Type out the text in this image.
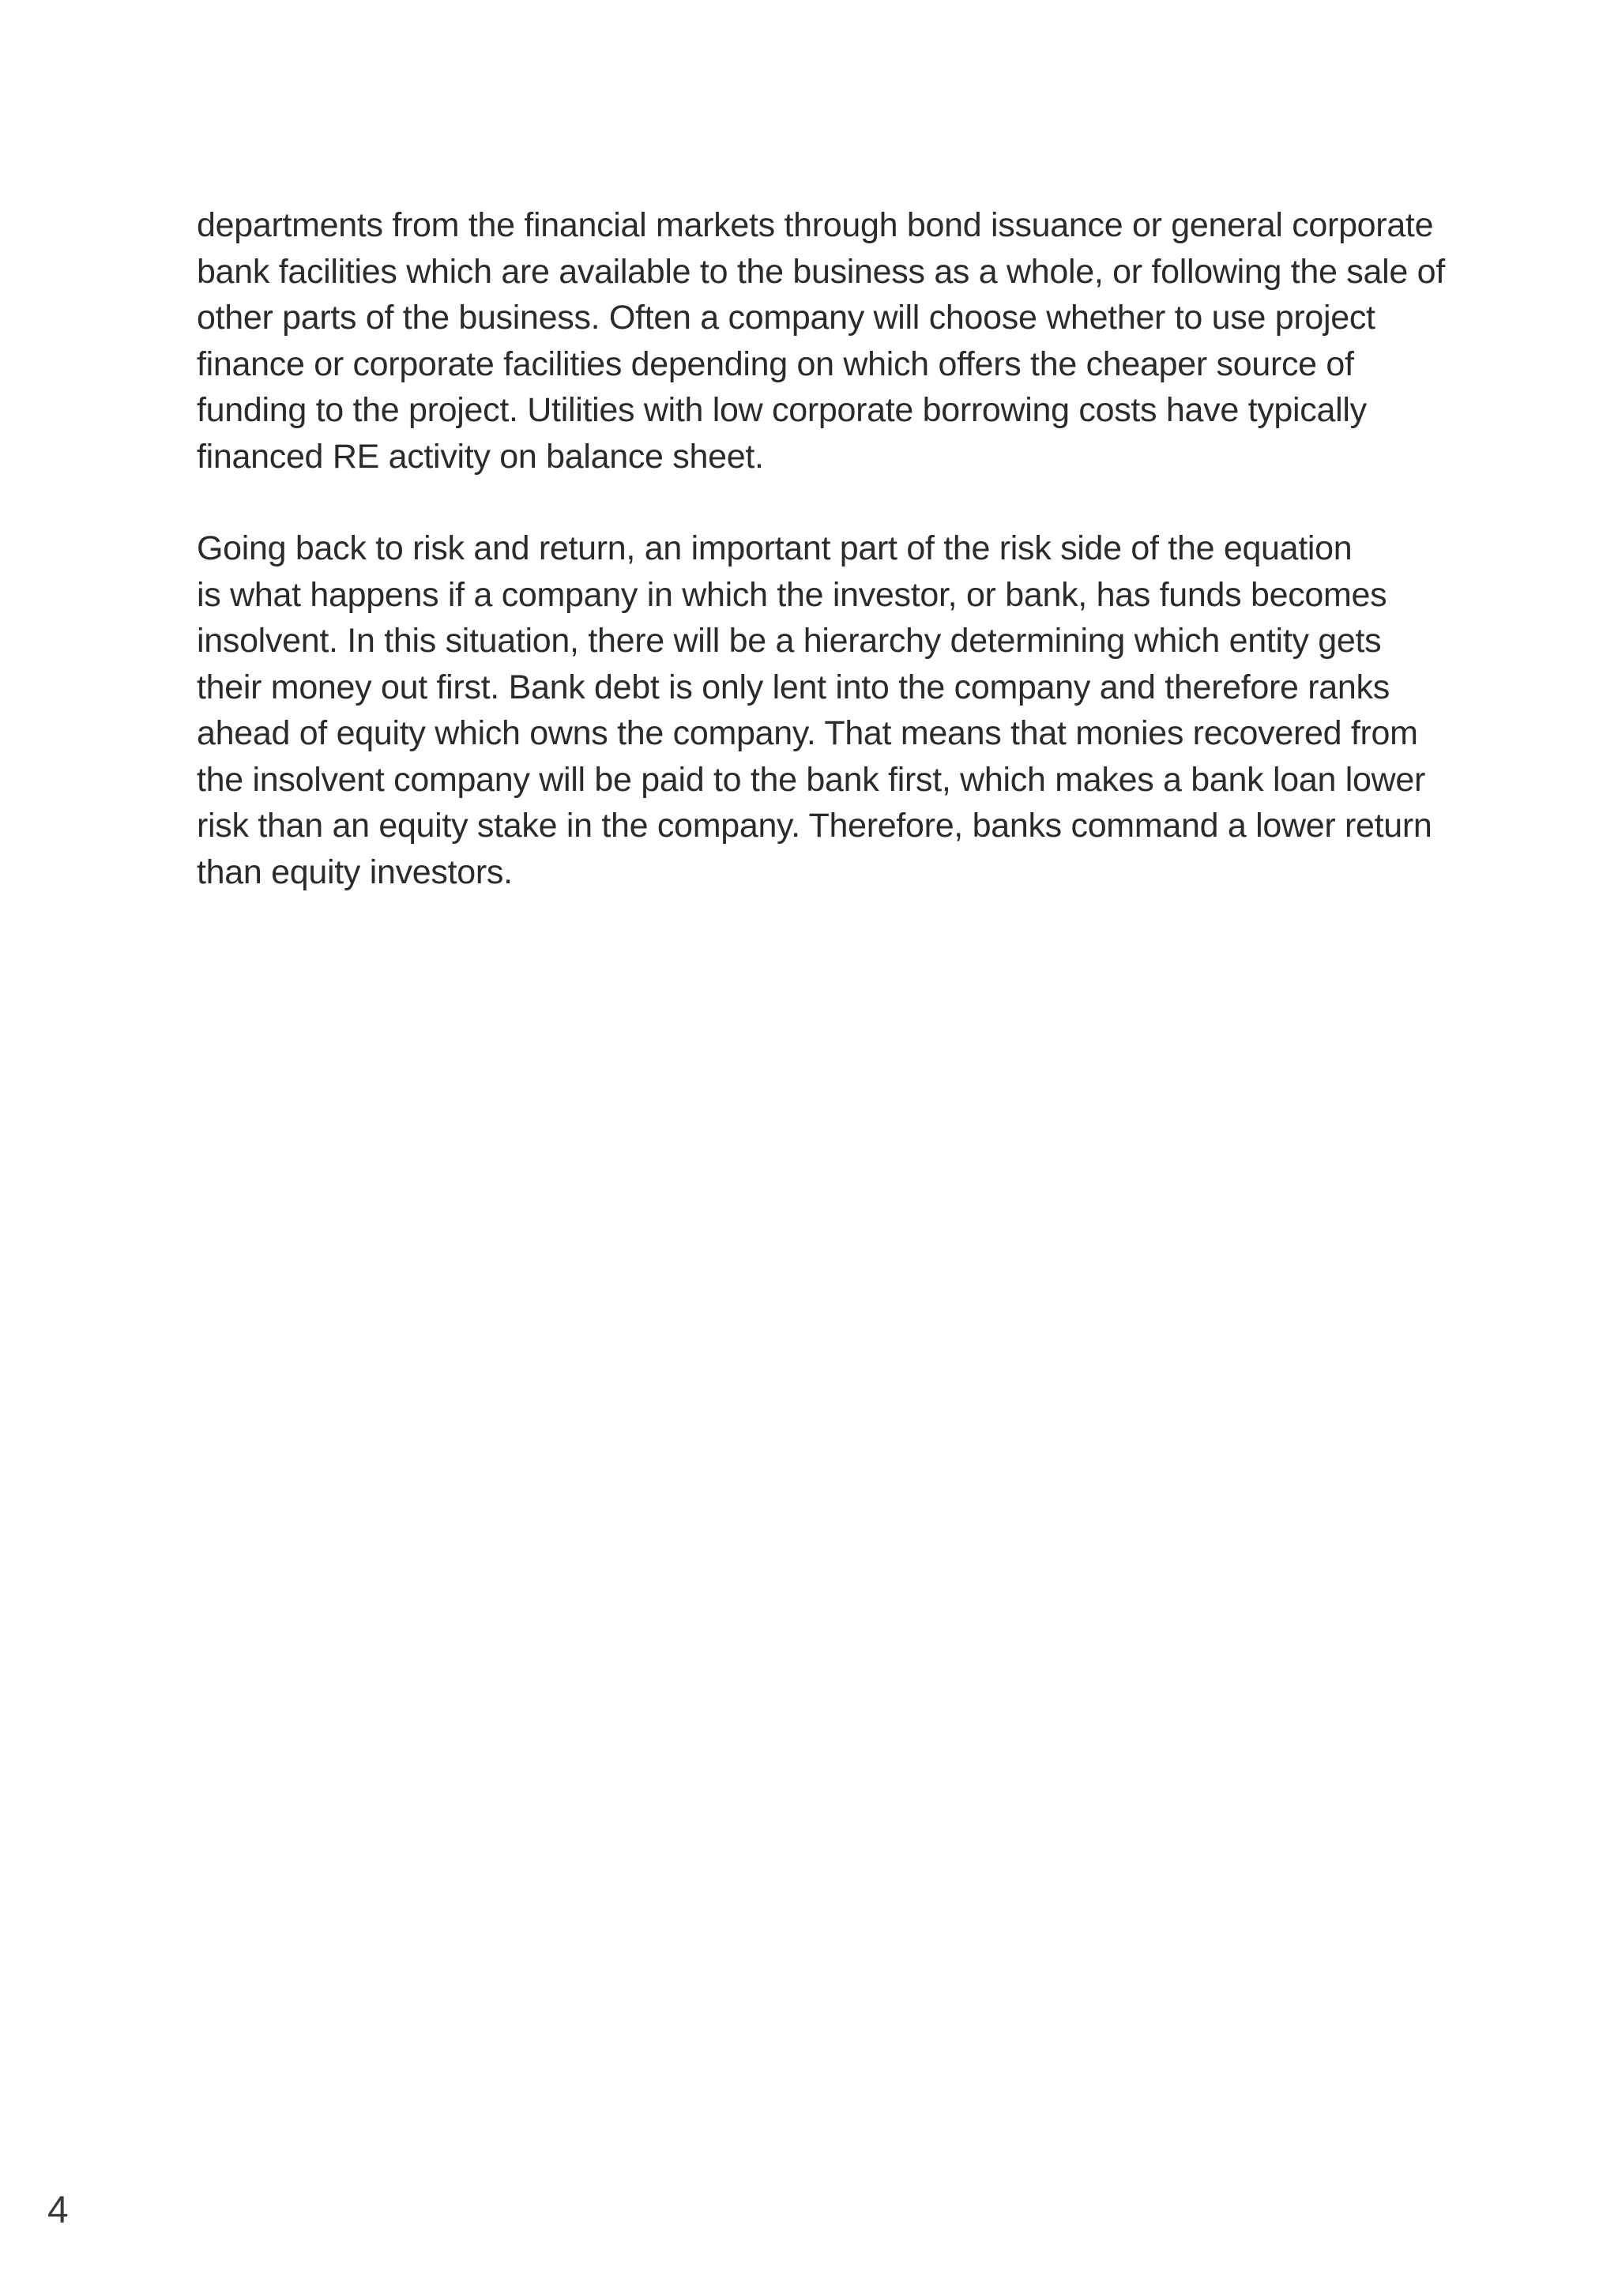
departments from the financial markets through bond issuance or general corporate
bank facilities which are available to the business as a whole, or following the sale of
other parts of the business. Often a company will choose whether to use project
finance or corporate facilities depending on which offers the cheaper source of
funding to the project. Utilities with low corporate borrowing costs have typically
financed RE activity on balance sheet.

Going back to risk and return, an important part of the risk side of the equation
is what happens if a company in which the investor, or bank, has funds becomes
insolvent. In this situation, there will be a hierarchy determining which entity gets
their money out first. Bank debt is only lent into the company and therefore ranks
ahead of equity which owns the company. That means that monies recovered from
the insolvent company will be paid to the bank first, which makes a bank loan lower
risk than an equity stake in the company. Therefore, banks command a lower return
than equity investors.

4
